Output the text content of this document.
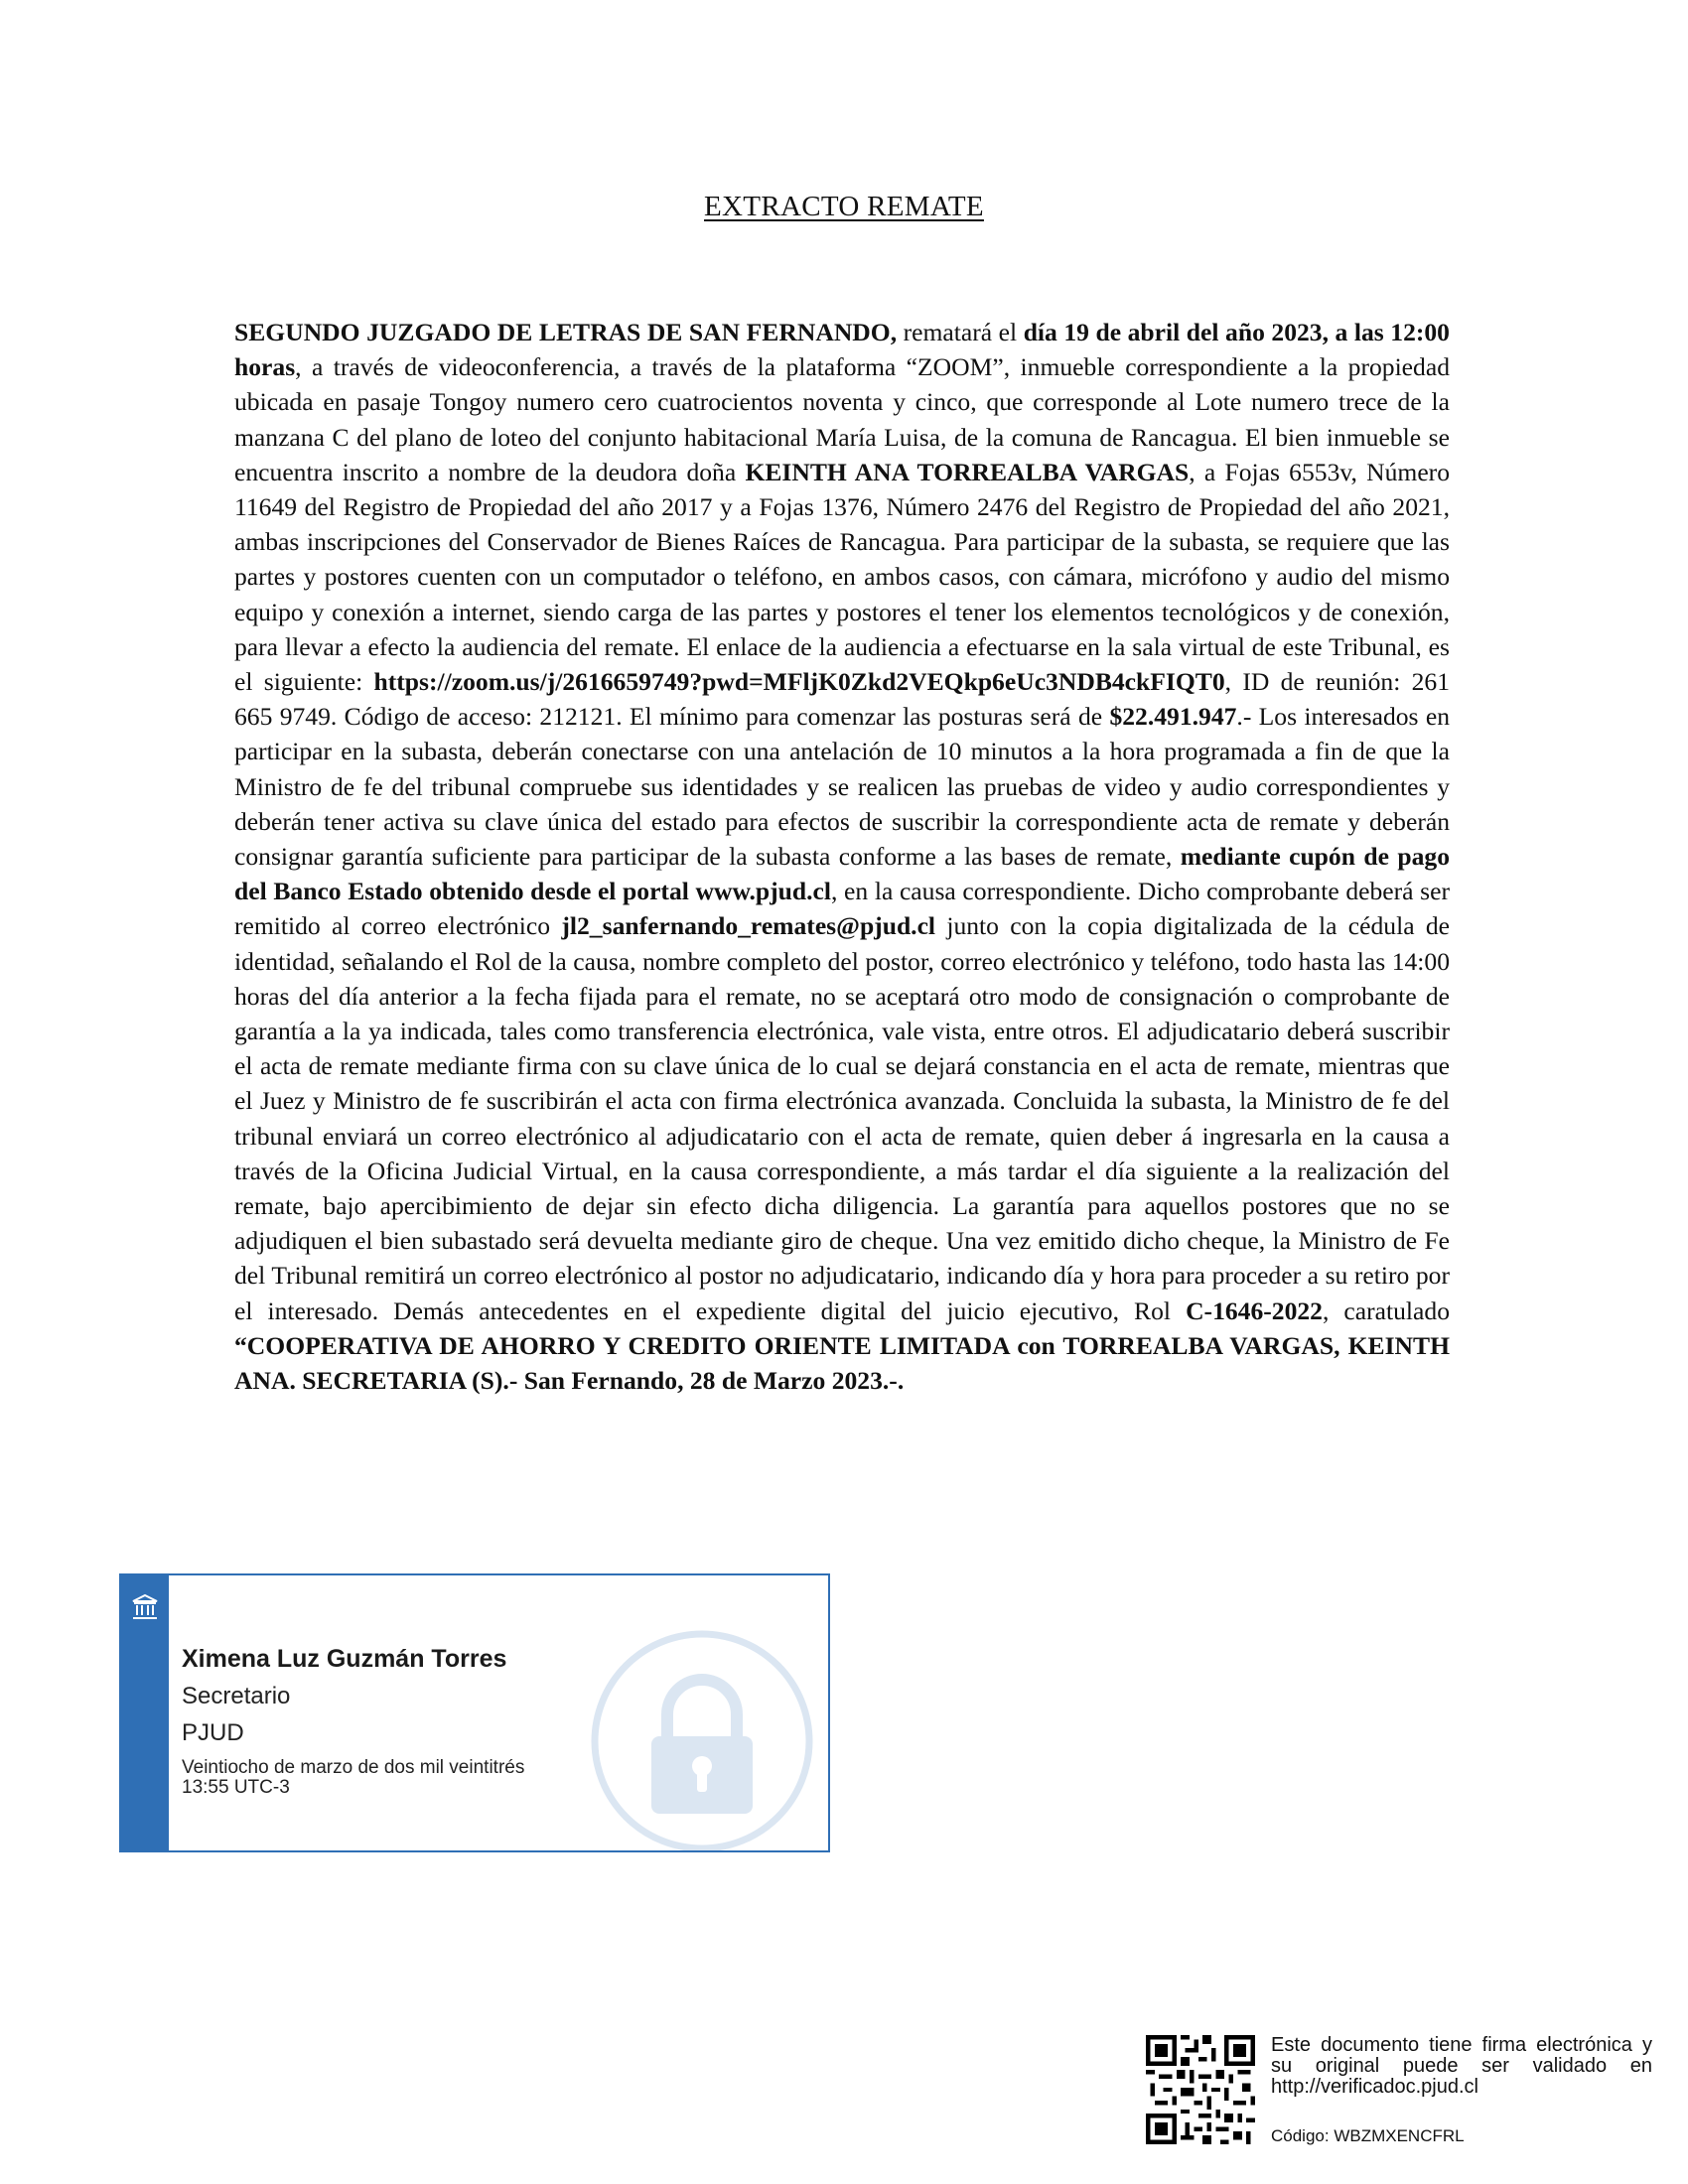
EXTRACTO REMATE
SEGUNDO JUZGADO DE LETRAS DE SAN FERNANDO, rematará el día 19 de abril del año 2023, a las 12:00 horas, a través de videoconferencia, a través de la plataforma “ZOOM”, inmueble correspondiente a la propiedad ubicada en pasaje Tongoy numero cero cuatrocientos noventa y cinco, que corresponde al Lote numero trece de la manzana C del plano de loteo del conjunto habitacional María Luisa, de la comuna de Rancagua. El bien inmueble se encuentra inscrito a nombre de la deudora doña KEINTH ANA TORREALBA VARGAS, a Fojas 6553v, Número 11649 del Registro de Propiedad del año 2017 y a Fojas 1376, Número 2476 del Registro de Propiedad del año 2021, ambas inscripciones del Conservador de Bienes Raíces de Rancagua. Para participar de la subasta, se requiere que las partes y postores cuenten con un computador o teléfono, en ambos casos, con cámara, micrófono y audio del mismo equipo y conexión a internet, siendo carga de las partes y postores el tener los elementos tecnológicos y de conexión, para llevar a efecto la audiencia del remate. El enlace de la audiencia a efectuarse en la sala virtual de este Tribunal, es el siguiente: https://zoom.us/j/2616659749?pwd=MFljK0Zkd2VEQkp6eUc3NDB4ckFIQT0, ID de reunión: 261 665 9749. Código de acceso: 212121. El mínimo para comenzar las posturas será de $22.491.947.- Los interesados en participar en la subasta, deberán conectarse con una antelación de 10 minutos a la hora programada a fin de que la Ministro de fe del tribunal compruebe sus identidades y se realicen las pruebas de video y audio correspondientes y deberán tener activa su clave única del estado para efectos de suscribir la correspondiente acta de remate y deberán consignar garantía suficiente para participar de la subasta conforme a las bases de remate, mediante cupón de pago del Banco Estado obtenido desde el portal www.pjud.cl, en la causa correspondiente. Dicho comprobante deberá ser remitido al correo electrónico jl2_sanfernando_remates@pjud.cl junto con la copia digitalizada de la cédula de identidad, señalando el Rol de la causa, nombre completo del postor, correo electrónico y teléfono, todo hasta las 14:00 horas del día anterior a la fecha fijada para el remate, no se aceptará otro modo de consignación o comprobante de garantía a la ya indicada, tales como transferencia electrónica, vale vista, entre otros. El adjudicatario deberá suscribir el acta de remate mediante firma con su clave única de lo cual se dejará constancia en el acta de remate, mientras que el Juez y Ministro de fe suscribirán el acta con firma electrónica avanzada. Concluida la subasta, la Ministro de fe del tribunal enviará un correo electrónico al adjudicatario con el acta de remate, quien deber á ingresarla en la causa a través de la Oficina Judicial Virtual, en la causa correspondiente, a más tardar el día siguiente a la realización del remate, bajo apercibimiento de dejar sin efecto dicha diligencia. La garantía para aquellos postores que no se adjudiquen el bien subastado será devuelta mediante giro de cheque. Una vez emitido dicho cheque, la Ministro de Fe del Tribunal remitirá un correo electrónico al postor no adjudicatario, indicando día y hora para proceder a su retiro por el interesado. Demás antecedentes en el expediente digital del juicio ejecutivo, Rol C-1646-2022, caratulado “COOPERATIVA DE AHORRO Y CREDITO ORIENTE LIMITADA con TORREALBA VARGAS, KEINTH ANA. SECRETARIA (S).- San Fernando, 28 de Marzo 2023.-.
Ximena Luz Guzmán Torres
Secretario
PJUD
Veintiocho de marzo de dos mil veintitrés
13:55 UTC-3
Este documento tiene firma electrónica y su original puede ser validado en http://verificadoc.pjud.cl
Código: WBZMXENCFRL
